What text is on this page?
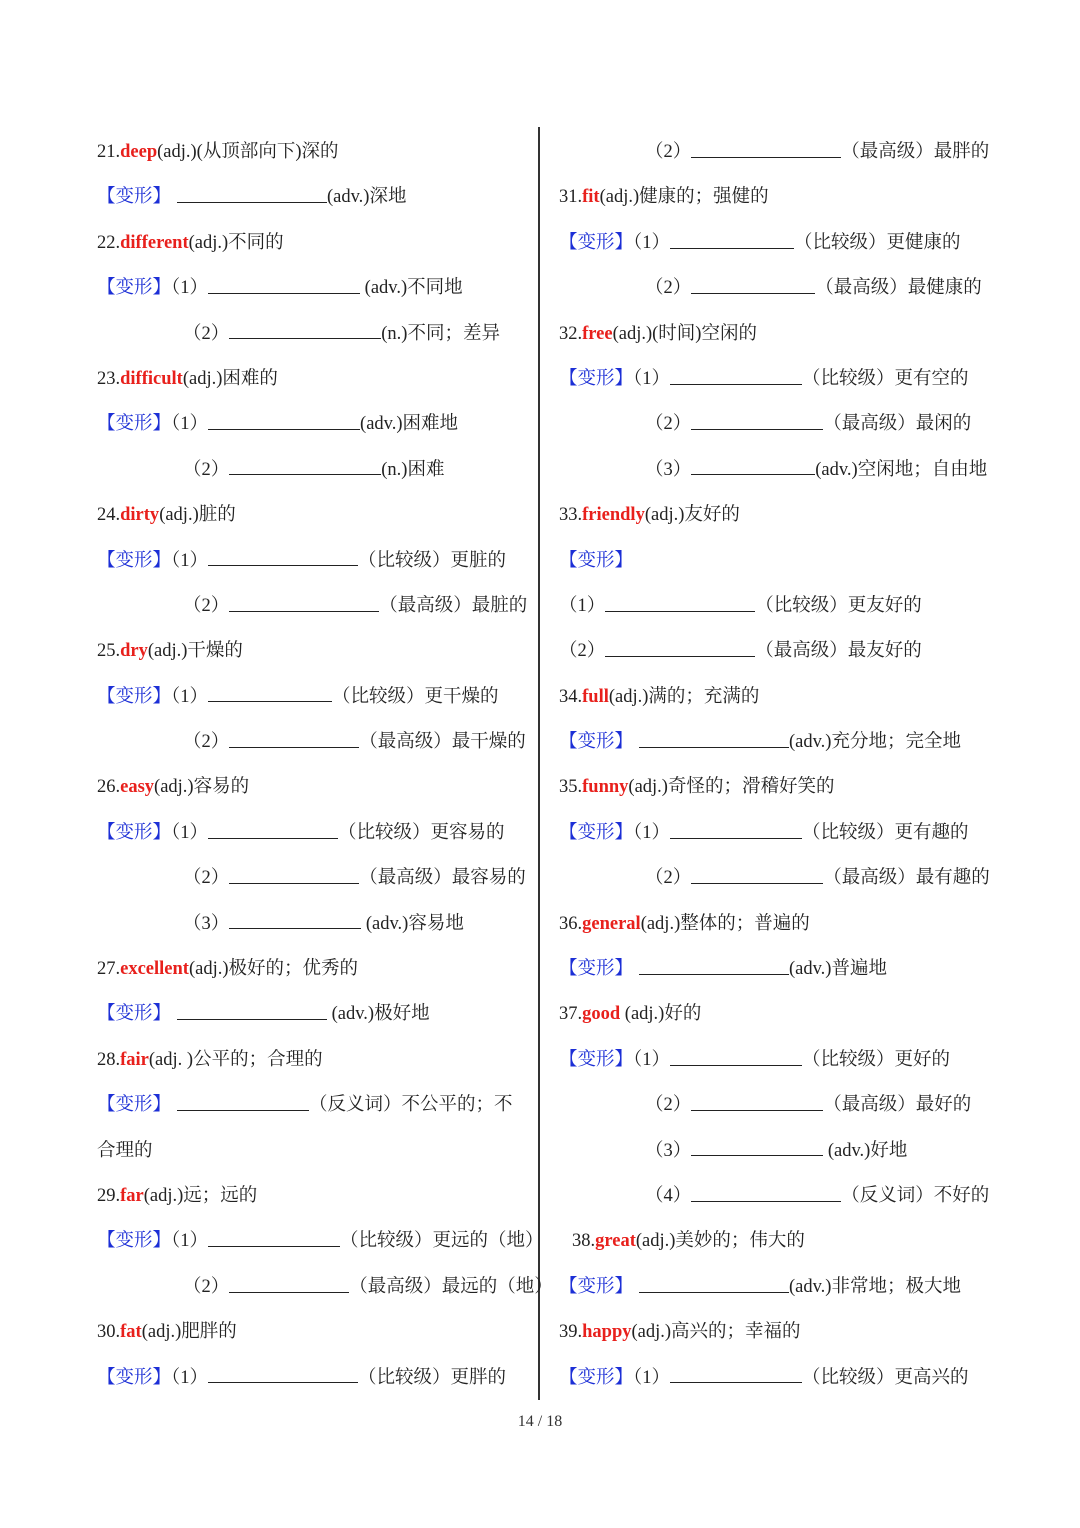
21.deep(adj.)(从顶部向下)深的
【变形】	(adv.)深地
22.different(adj.)不同的
【变形】（1）	(adv.)不同地
（2）	(n.)不同；差异
23.difficult(adj.)困难的
【变形】（1）	(adv.)困难地
（2）	(n.)困难
24.dirty(adj.)脏的
【变形】（1）	（比较级）更脏的
（2）	（最高级）最脏的
25.dry(adj.)干燥的
【变形】（1）	（比较级）更干燥的
（2）	（最高级）最干燥的
26.easy(adj.)容易的
【变形】（1）	（比较级）更容易的
（2）	（最高级）最容易的
（3）	(adv.)容易地
27.excellent(adj.)极好的；优秀的
【变形】	(adv.)极好地
28.fair(adj. )公平的；合理的
【变形】	（反义词）不公平的；不
合理的
29.far(adj.)远；远的
【变形】（1）	（比较级）更远的（地）
（2）	（最高级）最远的（地）
30.fat(adj.)肥胖的
【变形】（1）	（比较级）更胖的
（2）	（最高级）最胖的
31.fit(adj.)健康的；强健的
【变形】（1）	（比较级）更健康的
（2）	（最高级）最健康的
32.free(adj.)(时间)空闲的
【变形】（1）	（比较级）更有空的
（2）	（最高级）最闲的
（3）	(adv.)空闲地；自由地
33.friendly(adj.)友好的
【变形】
（1）	（比较级）更友好的
（2）	（最高级）最友好的
34.full(adj.)满的；充满的
【变形】	(adv.)充分地；完全地
35.funny(adj.)奇怪的；滑稽好笑的
【变形】（1）	（比较级）更有趣的
（2）	（最高级）最有趣的
36.general(adj.)整体的；普遍的
【变形】	(adv.)普遍地
37.good (adj.)好的
【变形】（1）	（比较级）更好的
（2）	（最高级）最好的
（3）	(adv.)好地
（4）	（反义词）不好的
38.great(adj.)美妙的；伟大的
【变形】	(adv.)非常地；极大地
39.happy(adj.)高兴的；幸福的
【变形】（1）	（比较级）更高兴的
14 / 18
